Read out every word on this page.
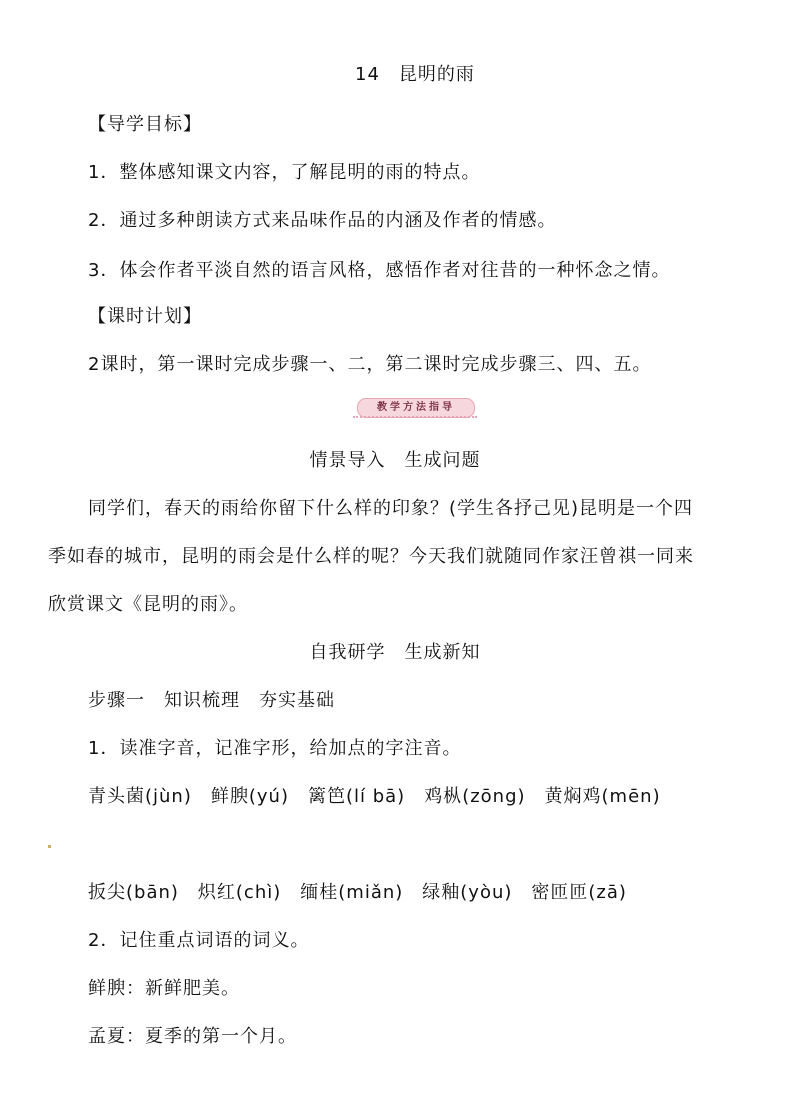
14　昆明的雨
【导学目标】
1．整体感知课文内容，了解昆明的雨的特点。
2．通过多种朗读方式来品味作品的内涵及作者的情感。
3．体会作者平淡自然的语言风格，感悟作者对往昔的一种怀念之情。
【课时计划】
2课时，第一课时完成步骤一、二，第二课时完成步骤三、四、五。
教学方法指导
情景导入　生成问题
同学们，春天的雨给你留下什么样的印象？(学生各抒己见)昆明是一个四
季如春的城市，昆明的雨会是什么样的呢？今天我们就随同作家汪曾祺一同来
欣赏课文《昆明的雨》。
自我研学　生成新知
步骤一　知识梳理　夯实基础
1．读准字音，记准字形，给加点的字注音。
青头菌(jùn)　鲜腴(yú)　篱笆(lí bā)　鸡枞(zōng)　黄焖鸡(mēn)
扳尖(bān)　炽红(chì)　缅桂(miǎn)　绿釉(yòu)　密匝匝(zā)
2．记住重点词语的词义。
鲜腴：新鲜肥美。
孟夏：夏季的第一个月。
